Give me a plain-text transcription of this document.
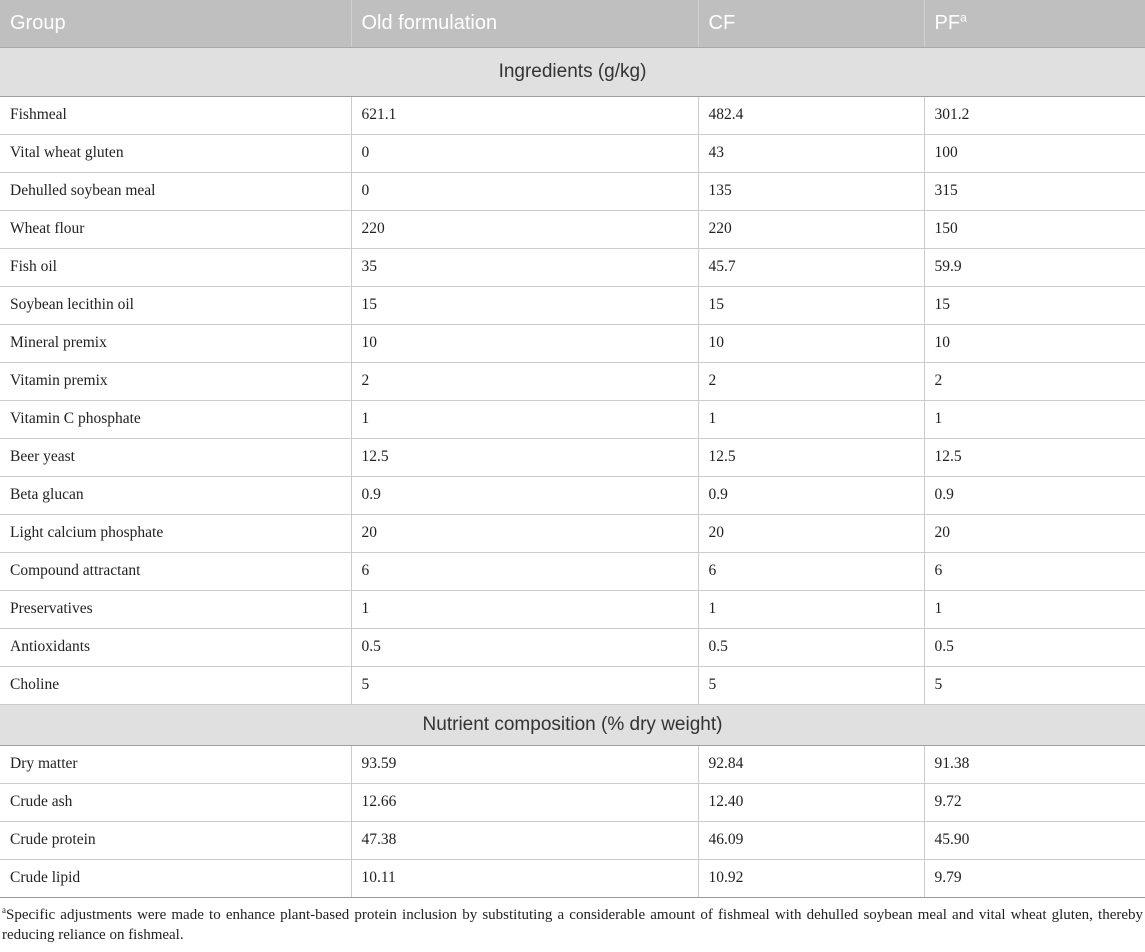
Group	Old formulation	CF	$PF^a$
Ingredients (g/kg)			
Fishmeal	621.1	482.4	301.2
Vital wheat gluten	0	43	100
Dehulled soybean meal	0	135	315
Wheat flour	220	220	150
Fish oil	35	45.7	59.9
Soybean lecithin oil	15	15	15
Mineral premix	10	10	10
Vitamin premix	2	2	2
Vitamin C phosphate	1	1	1
Beer yeast	12.5	12.5	12.5
Beta glucan	0.9	0.9	0.9
Light calcium phosphate	20	20	20
Compound attractant	6	6	6
Preservatives	1	1	1
Antioxidants	0.5	0.5	0.5
Choline	5	5	5
Nutrient composition (% dry weight)			
Dry matter	93.59	92.84	91.38
Crude ash	12.66	12.40	9.72
Crude protein	47.38	46.09	45.90
Crude lipid	10.11	10.92	9.79
$^a$Specific adjustments were made to enhance plant-based protein inclusion by substituting a considerable amount of fishmeal with dehulled soybean meal and vital wheat gluten, thereby reducing reliance on fishmeal.
